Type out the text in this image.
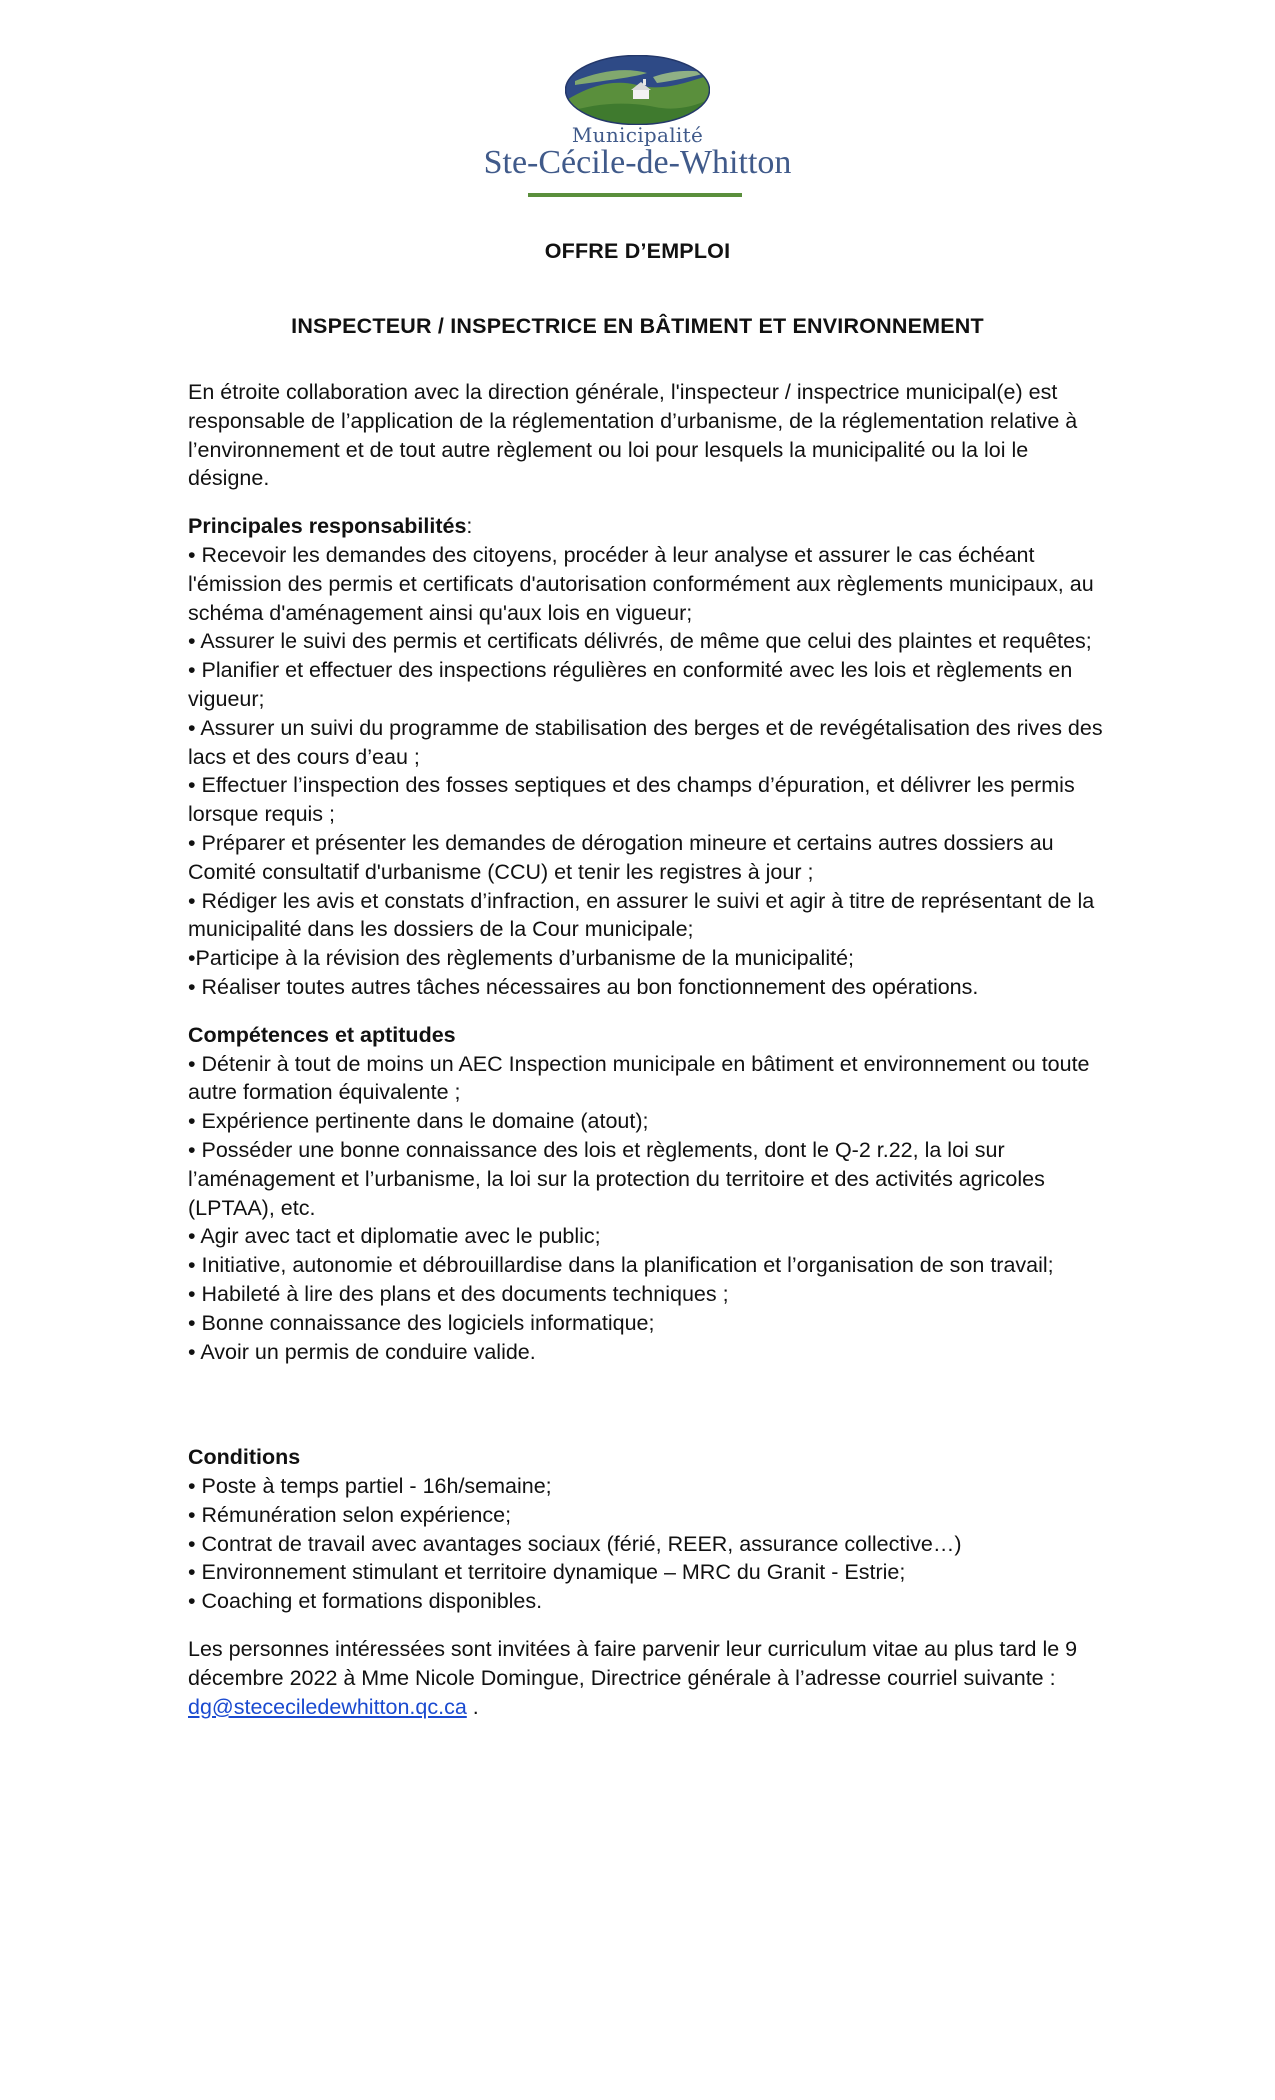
Municipalité
Ste-Cécile-de-Whitton
OFFRE D’EMPLOI
INSPECTEUR / INSPECTRICE EN BÂTIMENT ET ENVIRONNEMENT

En étroite collaboration avec la direction générale, l'inspecteur / inspectrice municipal(e) est responsable de l’application de la réglementation d’urbanisme, de la réglementation relative à l’environnement et de tout autre règlement ou loi pour lesquels la municipalité ou la loi le désigne.

Principales responsabilités:

• Recevoir les demandes des citoyens, procéder à leur analyse et assurer le cas échéant l'émission des permis et certificats d'autorisation conformément aux règlements municipaux, au schéma d'aménagement ainsi qu'aux lois en vigueur;
• Assurer le suivi des permis et certificats délivrés, de même que celui des plaintes et requêtes;
• Planifier et effectuer des inspections régulières en conformité avec les lois et règlements en vigueur;
• Assurer un suivi du programme de stabilisation des berges et de revégétalisation des rives des lacs et des cours d’eau ;
• Effectuer l’inspection des fosses septiques et des champs d’épuration, et délivrer les permis lorsque requis ;
• Préparer et présenter les demandes de dérogation mineure et certains autres dossiers au Comité consultatif d'urbanisme (CCU) et tenir les registres à jour ;
• Rédiger les avis et constats d’infraction, en assurer le suivi et agir à titre de représentant de la municipalité dans les dossiers de la Cour municipale;
•Participe à la révision des règlements d’urbanisme de la municipalité;
• Réaliser toutes autres tâches nécessaires au bon fonctionnement des opérations.

Compétences et aptitudes

• Détenir à tout de moins un AEC Inspection municipale en bâtiment et environnement ou toute autre formation équivalente ;
• Expérience pertinente dans le domaine (atout);
• Posséder une bonne connaissance des lois et règlements, dont le Q-2 r.22, la loi sur l’aménagement et l’urbanisme, la loi sur la protection du territoire et des activités agricoles (LPTAA), etc.
• Agir avec tact et diplomatie avec le public;
• Initiative, autonomie et débrouillardise dans la planification et l’organisation de son travail;
• Habileté à lire des plans et des documents techniques ;
• Bonne connaissance des logiciels informatique;
• Avoir un permis de conduire valide.

Conditions

• Poste à temps partiel - 16h/semaine;
• Rémunération selon expérience;
• Contrat de travail avec avantages sociaux (férié, REER, assurance collective…)
• Environnement stimulant et territoire dynamique – MRC du Granit - Estrie;
• Coaching et formations disponibles.

Les personnes intéressées sont invitées à faire parvenir leur curriculum vitae au plus tard le 9 décembre 2022 à Mme Nicole Domingue, Directrice générale à l’adresse courriel suivante : dg@stececiledewhitton.qc.ca .
